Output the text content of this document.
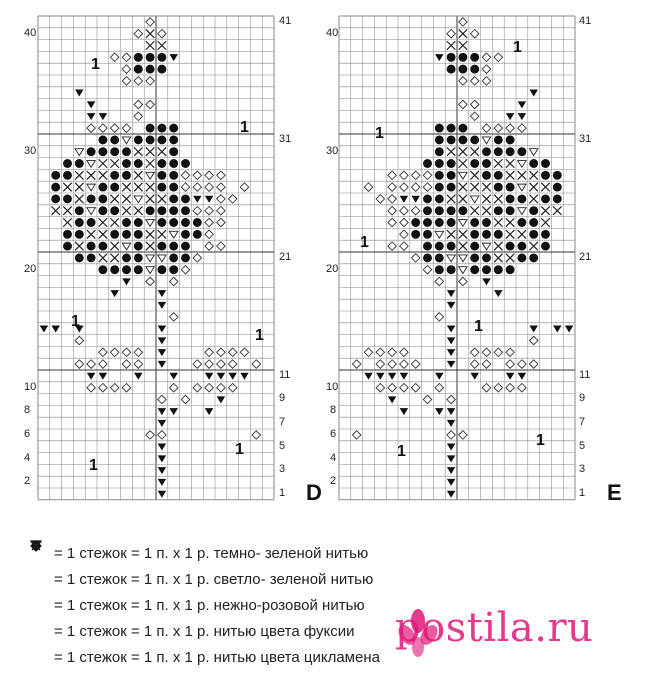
40
30
20
10
8
6
4
2
41
31
21
11
9
7
5
3
1
1
1
1
1
1
1
D
40
30
20
10
8
6
4
2
41
31
21
11
9
7
5
3
1
1
1
1
1
1
1
E
= 1 стежок = 1 п. х 1 р. темно- зеленой нитью
= 1 стежок = 1 п. х 1 р. светло- зеленой нитью
= 1 стежок = 1 п. х 1 р. нежно-розовой нитью
= 1 стежок = 1 п. х 1 р. нитью цвета фуксии
= 1 стежок = 1 п. х 1 р. нитью цвета цикламена
postila.ru
